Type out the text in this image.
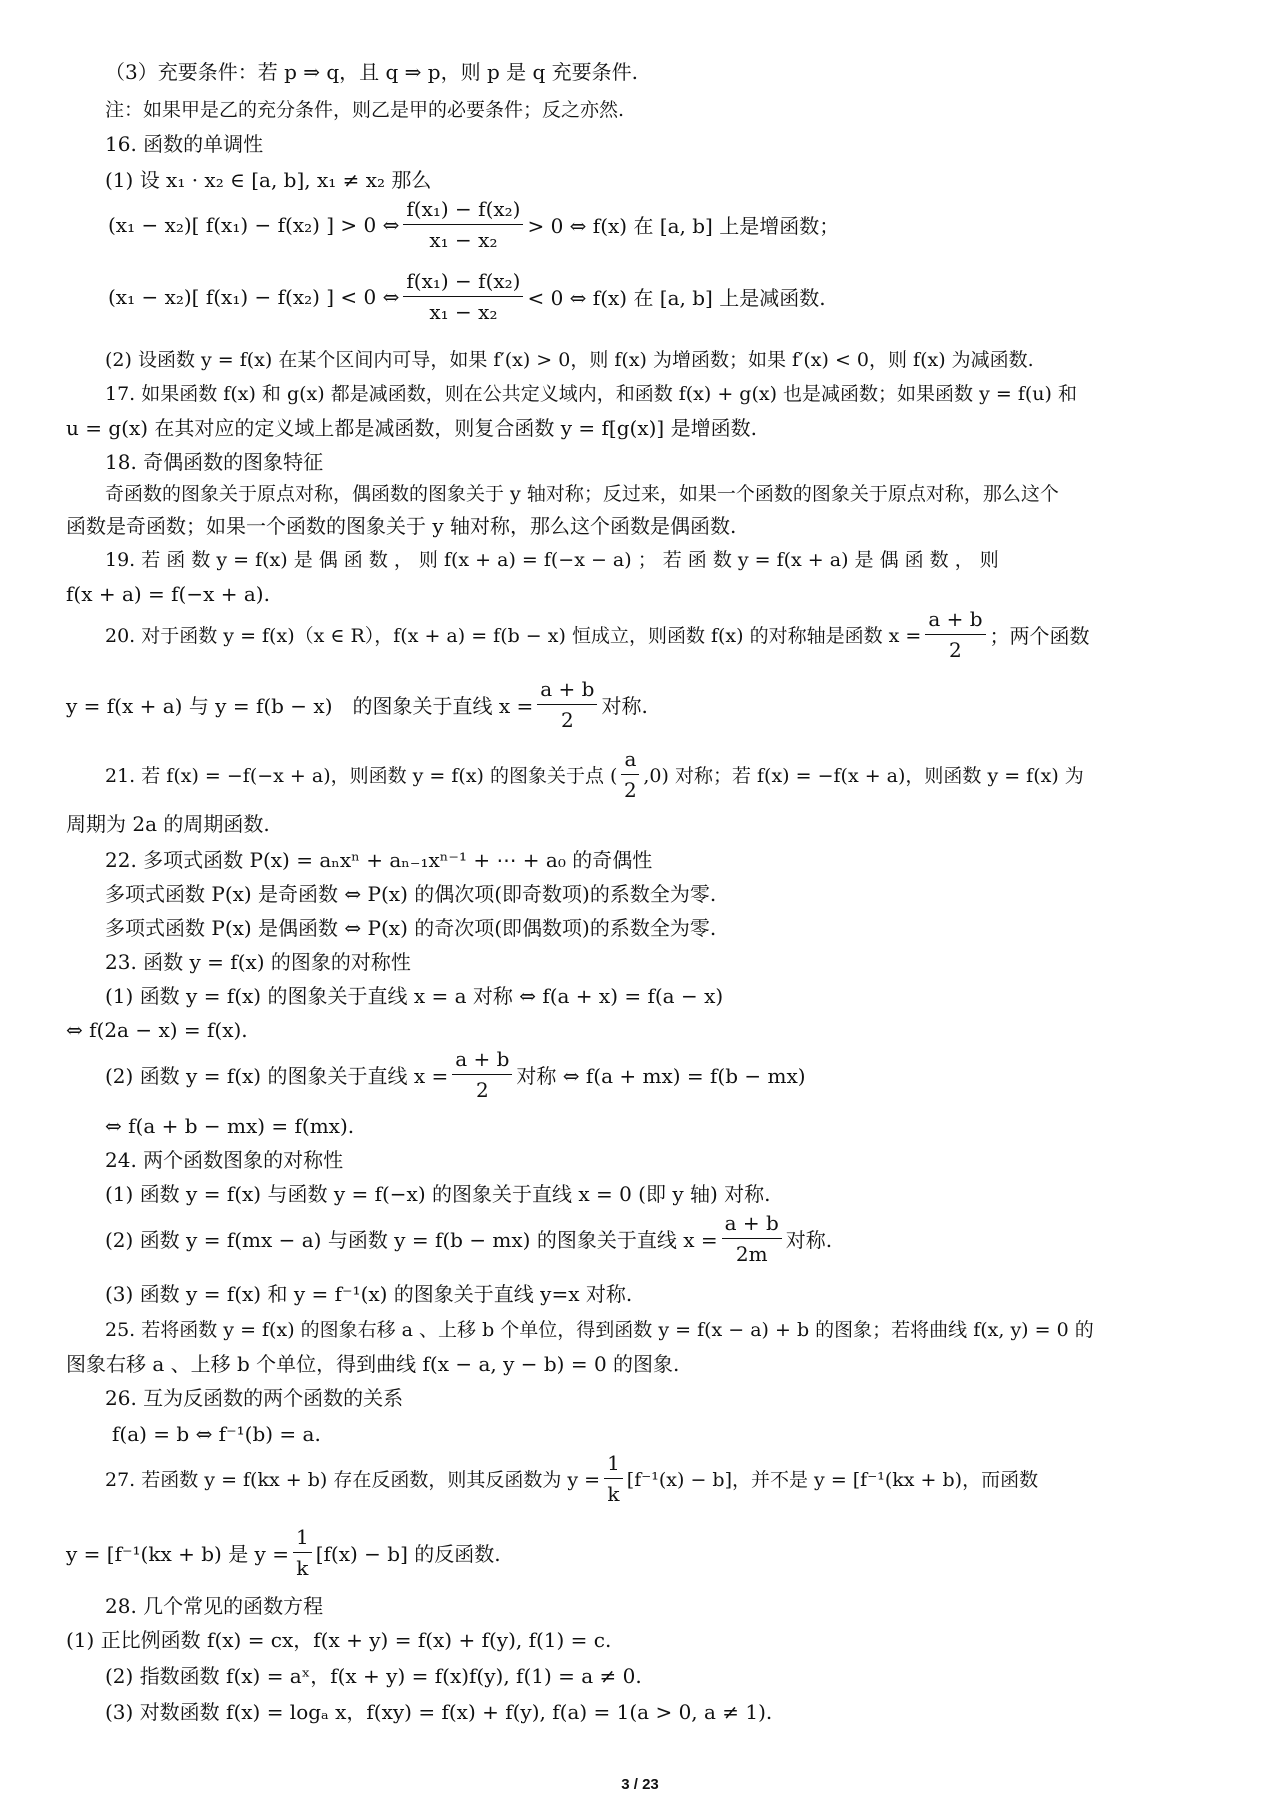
（3）充要条件：若 p ⇒ q，且 q ⇒ p，则 p 是 q 充要条件.
注：如果甲是乙的充分条件，则乙是甲的必要条件；反之亦然.
16. 函数的单调性
(1) 设 x₁ · x₂ ∈ [a, b], x₁ ≠ x₂ 那么
(x₁ − x₂)[ f(x₁) − f(x₂) ] > 0 ⇔ $\frac{\text{f(x₁) − f(x₂)}}{\text{x₁ − x₂}} > 0$ ⇔ f(x) 在 [a, b] 上是增函数；
(x₁ − x₂)[ f(x₁) − f(x₂) ] < 0 ⇔ $\frac{\text{f(x₁) − f(x₂)}}{\text{x₁ − x₂}} < 0$ ⇔ f(x) 在 [a, b] 上是减函数.
(2) 设函数 y = f(x) 在某个区间内可导，如果 f′(x) > 0，则 f(x) 为增函数；如果 f′(x) < 0，则 f(x) 为减函数.
17. 如果函数 f(x) 和 g(x) 都是减函数，则在公共定义域内，和函数 f(x) + g(x) 也是减函数；如果函数 y = f(u) 和
u = g(x) 在其对应的定义域上都是减函数，则复合函数 y = f[g(x)] 是增函数.
18. 奇偶函数的图象特征
奇函数的图象关于原点对称，偶函数的图象关于 y 轴对称；反过来，如果一个函数的图象关于原点对称，那么这个
函数是奇函数；如果一个函数的图象关于 y 轴对称，那么这个函数是偶函数.
19. 若 函 数 y = f(x) 是 偶 函 数 ， 则 f(x + a) = f(−x − a) ； 若 函 数 y = f(x + a) 是 偶 函 数 ， 则
f(x + a) = f(−x + a).
20. 对于函数 y = f(x)（x ∈ R），f(x + a) = f(b − x) 恒成立，则函数 f(x) 的对称轴是函数 $x = \frac{a + b}{2}$ ；两个函数
y = f(x + a) 与 y = f(b − x)　的图象关于直线 $x = \frac{a + b}{2}$ 对称.
21. 若 f(x) = −f(−x + a)，则函数 y = f(x) 的图象关于点 ( $\frac{a}{2} ,0$) 对称；若 f(x) = −f(x + a)，则函数 y = f(x) 为
周期为 2a 的周期函数.
22. 多项式函数 P(x) = aₙxⁿ + aₙ₋₁xⁿ⁻¹ + ⋯ + a₀ 的奇偶性
多项式函数 P(x) 是奇函数 ⇔ P(x) 的偶次项(即奇数项)的系数全为零.
多项式函数 P(x) 是偶函数 ⇔ P(x) 的奇次项(即偶数项)的系数全为零.
23. 函数 y = f(x) 的图象的对称性
(1) 函数 y = f(x) 的图象关于直线 x = a 对称 ⇔ f(a + x) = f(a − x)
⇔ f(2a − x) = f(x).
(2) 函数 y = f(x) 的图象关于直线 $x = \frac{a + b}{2}$ 对称 ⇔ f(a + mx) = f(b − mx)
⇔ f(a + b − mx) = f(mx).
24. 两个函数图象的对称性
(1) 函数 y = f(x) 与函数 y = f(−x) 的图象关于直线 x = 0 (即 y 轴) 对称.
(2) 函数 y = f(mx − a) 与函数 y = f(b − mx) 的图象关于直线 $x = \frac{a + b}{2m}$ 对称.
(3) 函数 y = f(x) 和 y = f⁻¹(x) 的图象关于直线 y=x 对称.
25. 若将函数 y = f(x) 的图象右移 a 、上移 b 个单位，得到函数 y = f(x − a) + b 的图象；若将曲线 f(x, y) = 0 的
图象右移 a 、上移 b 个单位，得到曲线 f(x − a, y − b) = 0 的图象.
26. 互为反函数的两个函数的关系
f(a) = b ⇔ f⁻¹(b) = a.
27. 若函数 y = f(kx + b) 存在反函数，则其反函数为 $y = \frac{1}{k} [f^{-1}(x) - b]$，并不是 y = [f⁻¹(kx + b)，而函数
y = [f⁻¹(kx + b) 是 $y = \frac{1}{k} [f(x) - b]$ 的反函数.
28. 几个常见的函数方程
(1) 正比例函数 f(x) = cx，f(x + y) = f(x) + f(y), f(1) = c.
(2) 指数函数 f(x) = aˣ，f(x + y) = f(x)f(y), f(1) = a ≠ 0.
(3) 对数函数 f(x) = logₐ x，f(xy) = f(x) + f(y), f(a) = 1(a > 0, a ≠ 1).
3 / 23
